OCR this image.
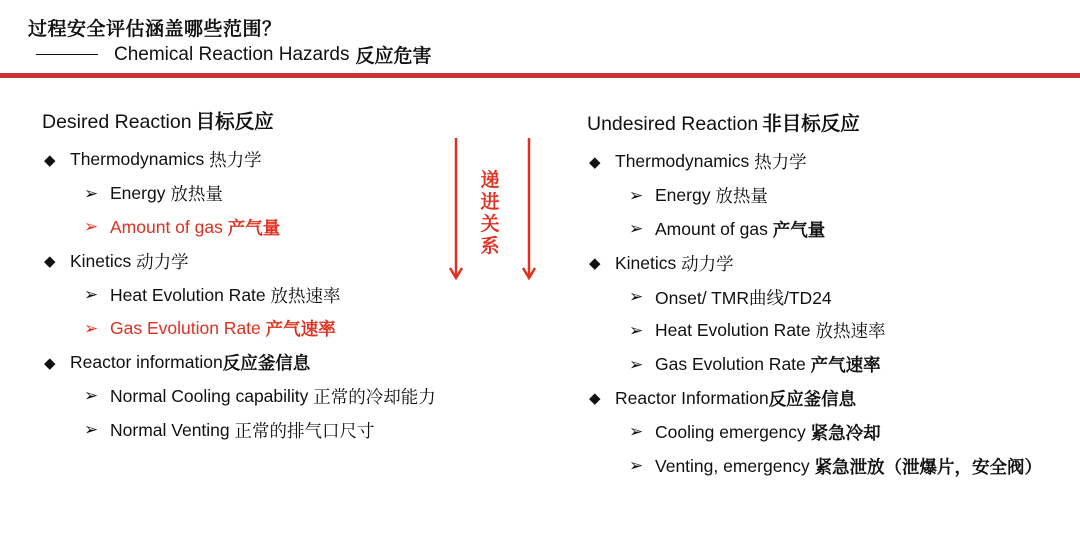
过程安全评估涵盖哪些范围？
Chemical Reaction Hazards 反应危害
Desired Reaction 目标反应
◆ Thermodynamics
热力学
➢ Energy
放热量
➢ Amount of gas
产气量
◆ Kinetics
动力学
➢ Heat Evolution Rate
放热速率
➢ Gas Evolution Rate
产气速率
◆ Reactor information 反应釜信息
➢ Normal Cooling capability
正常的冷却能力
➢ Normal Venting
正常的排气口尺寸
递
进
关
系
Undesired Reaction 非目标反应
◆ Thermodynamics
热力学
➢ Energy
放热量
➢ Amount of gas
产气量
◆ Kinetics
动力学
➢ Onset/ TMR曲线/TD24
➢ Heat Evolution Rate
放热速率
➢ Gas Evolution Rate
产气速率
◆ Reactor Information 反应釜信息
➢ Cooling emergency
紧急冷却
➢ Venting, emergency
紧急泄放（泄爆片，安全阀）
